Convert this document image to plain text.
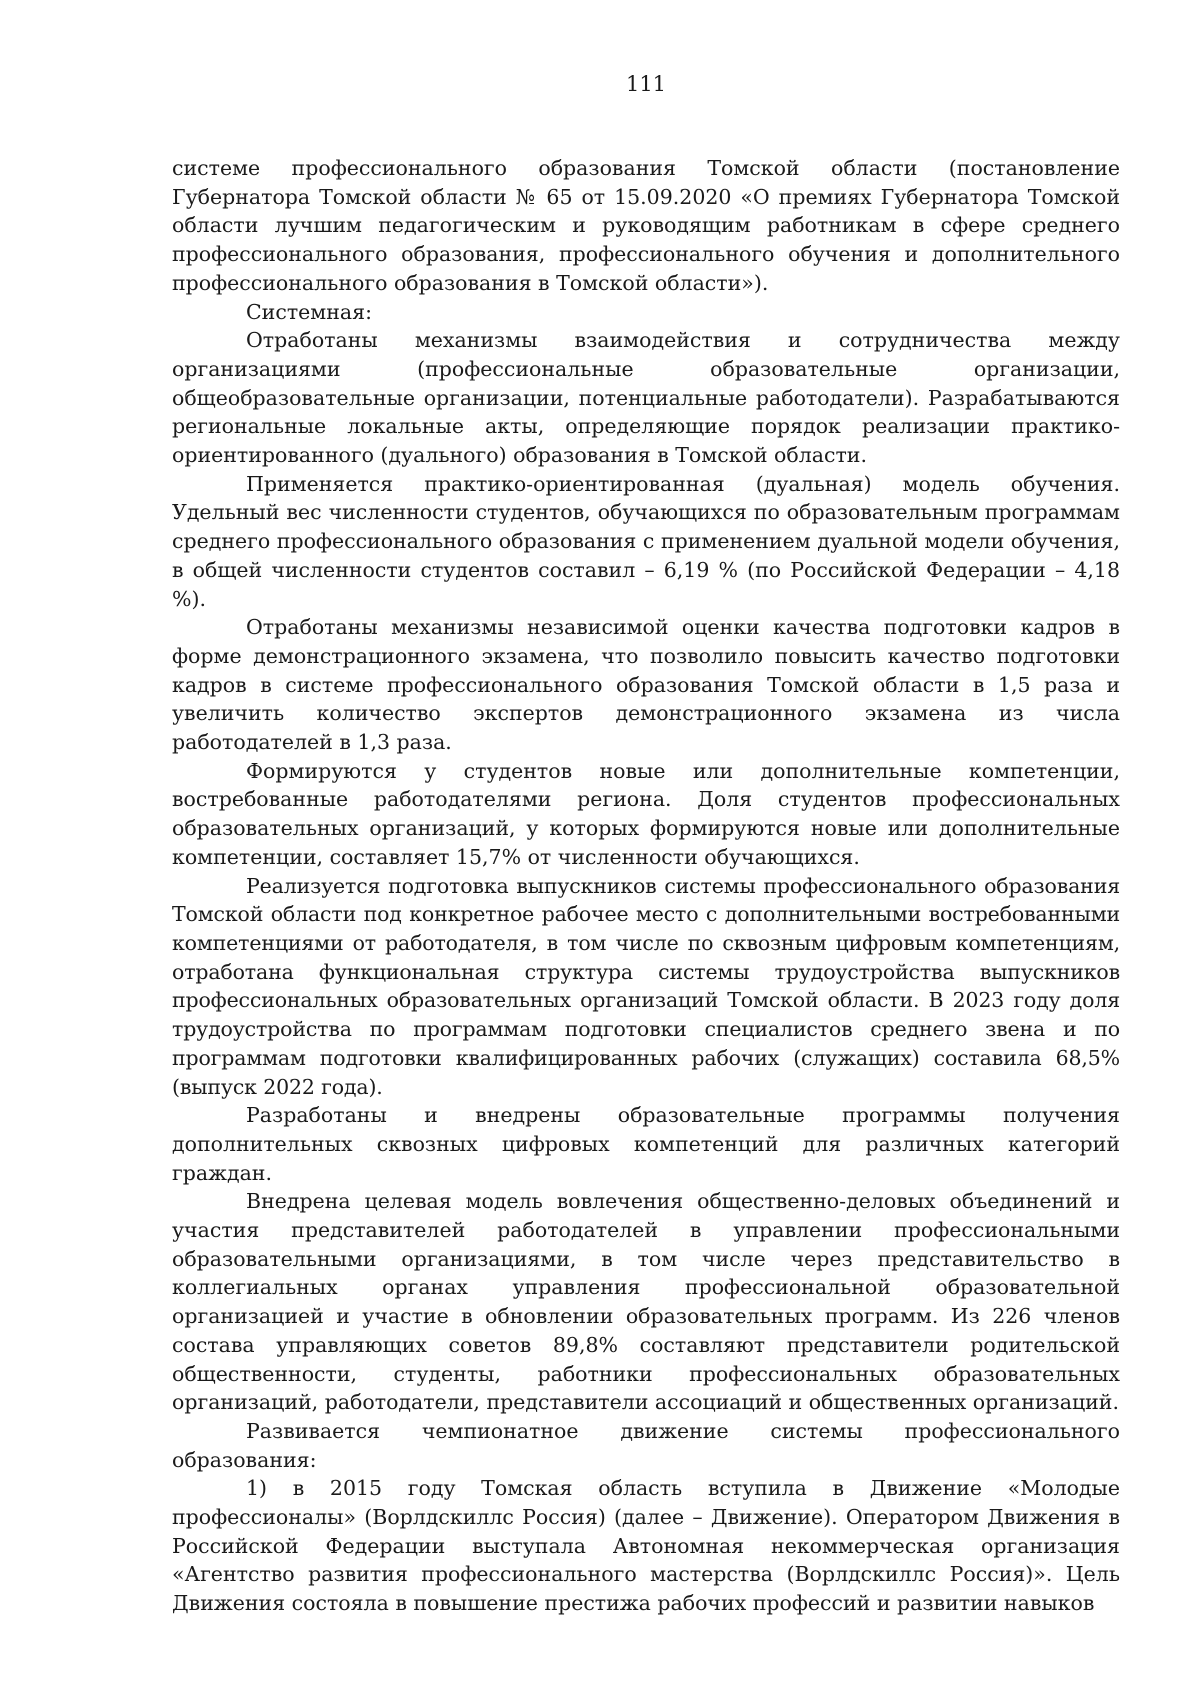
111

системе профессионального образования Томской области (постановление Губернатора Томской области № 65 от 15.09.2020 «О премиях Губернатора Томской области лучшим педагогическим и руководящим работникам в сфере среднего профессионального образования, профессионального обучения и дополнительного профессионального образования в Томской области»).

Системная:

Отработаны механизмы взаимодействия и сотрудничества между организациями (профессиональные образовательные организации, общеобразовательные организации, потенциальные работодатели). Разрабатываются региональные локальные акты, определяющие порядок реализации практико-ориентированного (дуального) образования в Томской области.

Применяется практико-ориентированная (дуальная) модель обучения. Удельный вес численности студентов, обучающихся по образовательным программам среднего профессионального образования с применением дуальной модели обучения, в общей численности студентов составил – 6,19 % (по Российской Федерации – 4,18 %).

Отработаны механизмы независимой оценки качества подготовки кадров в форме демонстрационного экзамена, что позволило повысить качество подготовки кадров в системе профессионального образования Томской области в 1,5 раза и увеличить количество экспертов демонстрационного экзамена из числа работодателей в 1,3 раза.

Формируются у студентов новые или дополнительные компетенции, востребованные работодателями региона. Доля студентов профессиональных образовательных организаций, у которых формируются новые или дополнительные компетенции, составляет 15,7% от численности обучающихся.

Реализуется подготовка выпускников системы профессионального образования Томской области под конкретное рабочее место с дополнительными востребованными компетенциями от работодателя, в том числе по сквозным цифровым компетенциям, отработана функциональная структура системы трудоустройства выпускников профессиональных образовательных организаций Томской области. В 2023 году доля трудоустройства по программам подготовки специалистов среднего звена и по программам подготовки квалифицированных рабочих (служащих) составила 68,5% (выпуск 2022 года).

Разработаны и внедрены образовательные программы получения дополнительных сквозных цифровых компетенций для различных категорий граждан.

Внедрена целевая модель вовлечения общественно-деловых объединений и участия представителей работодателей в управлении профессиональными образовательными организациями, в том числе через представительство в коллегиальных органах управления профессиональной образовательной организацией и участие в обновлении образовательных программ. Из 226 членов состава управляющих советов 89,8% составляют представители родительской общественности, студенты, работники профессиональных образовательных организаций, работодатели, представители ассоциаций и общественных организаций.

Развивается чемпионатное движение системы профессионального образования:

1) в 2015 году Томская область вступила в Движение «Молодые профессионалы» (Ворлдскиллс Россия) (далее – Движение). Оператором Движения в Российской Федерации выступала Автономная некоммерческая организация «Агентство развития профессионального мастерства (Ворлдскиллс Россия)». Цель Движения состояла в повышение престижа рабочих профессий и развитии навыков
